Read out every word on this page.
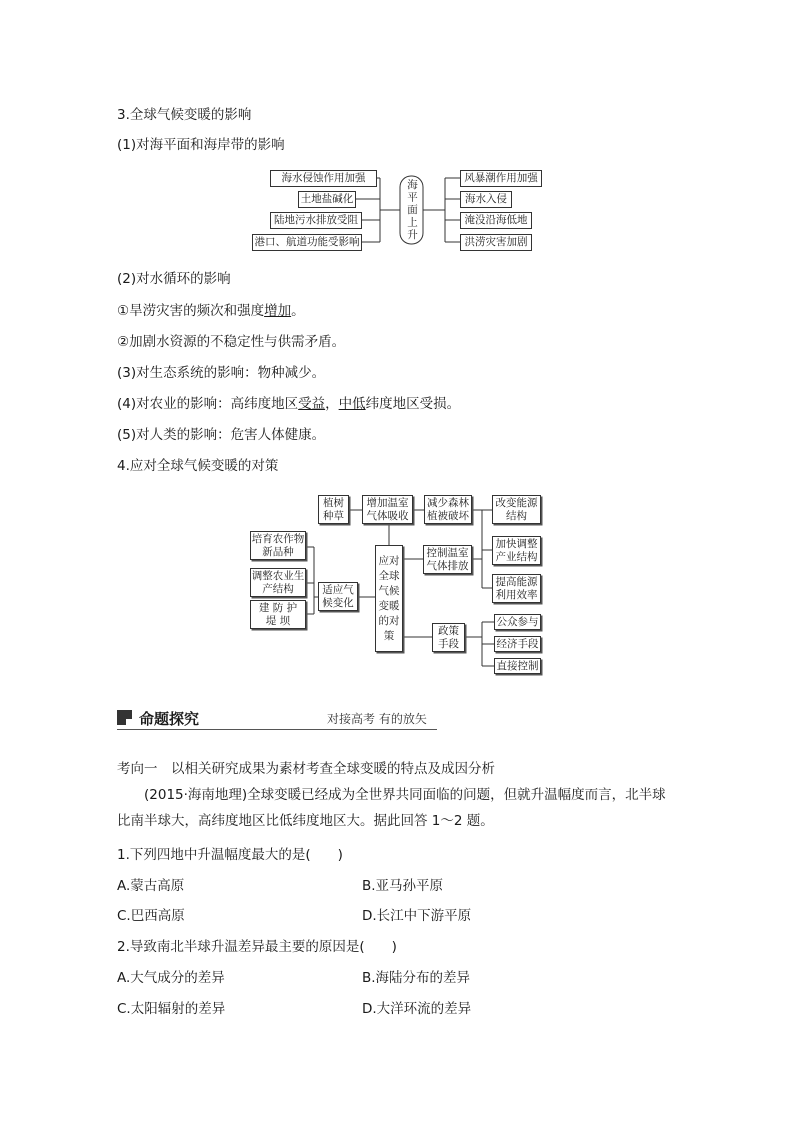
3.全球气候变暖的影响
(1)对海平面和海岸带的影响
海平面上升
海水侵蚀作用加强
土地盐碱化
陆地污水排放受阻
港口、航道功能受影响
风暴潮作用加强
海水入侵
淹没沿海低地
洪涝灾害加剧
(2)对水循环的影响
①旱涝灾害的频次和强度增加。
②加剧水资源的不稳定性与供需矛盾。
(3)对生态系统的影响：物种减少。
(4)对农业的影响：高纬度地区受益，中低纬度地区受损。
(5)对人类的影响：危害人体健康。
4.应对全球气候变暖的对策
植树种草
增加温室气体吸收
减少森林植被破坏
应对全球气候变暖的对策
控制温室气体排放
改变能源结构
加快调整产业结构
提高能源利用效率
适应气候变化
培育农作物新品种
调整农业生产结构
建 防 护 堤 坝
政策手段
公众参与
经济手段
直接控制
命题探究	对接高考 有的放矢
考向一　以相关研究成果为素材考查全球变暖的特点及成因分析
(2015·海南地理)全球变暖已经成为全世界共同面临的问题，但就升温幅度而言，北半球比南半球大，高纬度地区比低纬度地区大。据此回答 1～2 题。
1.下列四地中升温幅度最大的是(　　)
A.蒙古高原	B.亚马孙平原
C.巴西高原	D.长江中下游平原
2.导致南北半球升温差异最主要的原因是(　　)
A.大气成分的差异	B.海陆分布的差异
C.太阳辐射的差异	D.大洋环流的差异
